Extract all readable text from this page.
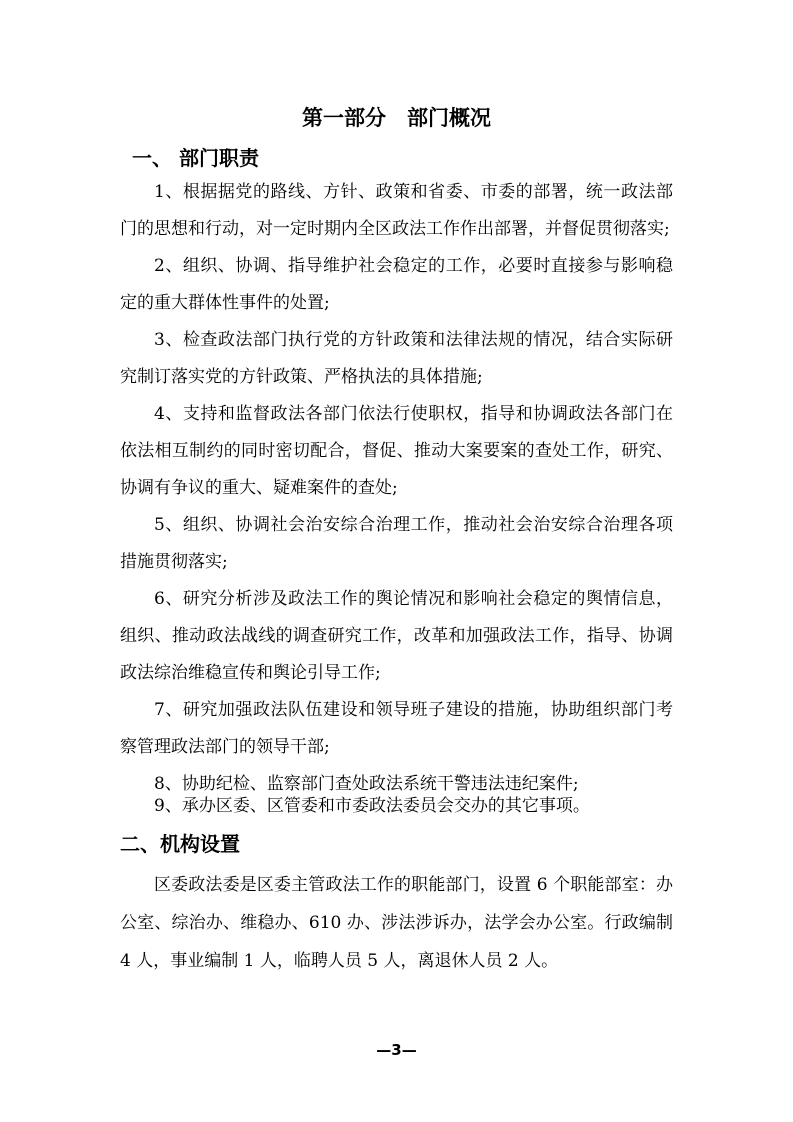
第一部分　部门概况
一、 部门职责
1、根据据党的路线、方针、政策和省委、市委的部署，统一政法部门的思想和行动，对一定时期内全区政法工作作出部署，并督促贯彻落实;
2、组织、协调、指导维护社会稳定的工作，必要时直接参与影响稳定的重大群体性事件的处置;
3、检查政法部门执行党的方针政策和法律法规的情况，结合实际研究制订落实党的方针政策、严格执法的具体措施;
4、支持和监督政法各部门依法行使职权，指导和协调政法各部门在依法相互制约的同时密切配合，督促、推动大案要案的查处工作，研究、协调有争议的重大、疑难案件的查处;
5、组织、协调社会治安综合治理工作，推动社会治安综合治理各项措施贯彻落实;
6、研究分析涉及政法工作的舆论情况和影响社会稳定的舆情信息，组织、推动政法战线的调查研究工作，改革和加强政法工作，指导、协调政法综治维稳宣传和舆论引导工作;
7、研究加强政法队伍建设和领导班子建设的措施，协助组织部门考察管理政法部门的领导干部;
8、协助纪检、监察部门查处政法系统干警违法违纪案件;
9、承办区委、区管委和市委政法委员会交办的其它事项。
二、机构设置
区委政法委是区委主管政法工作的职能部门，设置 6 个职能部室：办公室、综治办、维稳办、610 办、涉法涉诉办，法学会办公室。行政编制 4 人，事业编制 1 人，临聘人员 5 人，离退休人员 2 人。
—3—
